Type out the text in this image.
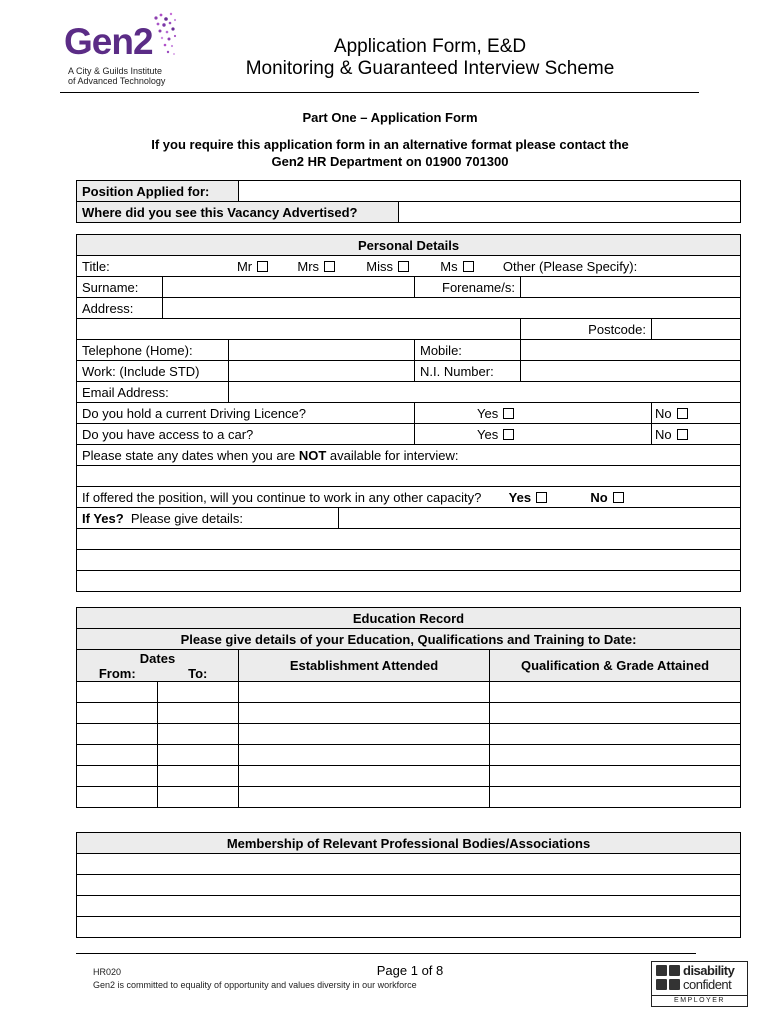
Gen2
A City & Guilds Institute
of Advanced Technology
Application Form, E&D
Monitoring & Guaranteed Interview Scheme
Part One – Application Form
If you require this application form in an alternative format please contact the
Gen2 HR Department on 01900 701300
Position Applied for:		
Where did you see this Vacancy Advertised?		
Personal Details						
Title: Mr Mrs Miss Ms Other (Please Specify):						
Surname:				Forename/s:		
Address:						
					Postcode:	
Telephone (Home):				Mobile:		
Work: (Include STD)				N.I. Number:		
Email Address:						
Do you hold a current Driving Licence?				Yes		No
Do you have access to a car?				Yes		No
Please state any dates when you are NOT available for interview:						

If offered the position, will you continue to work in any other capacity? Yes No						
If Yes? Please give details:						

Education Record			
Please give details of your Education, Qualifications and Training to Date:			

Dates
From: To:		Establishment Attended	Qualification & Grade Attained

Membership of Relevant Professional Bodies/Associations

HR020	Page 1 of 8
Gen2 is committed to equality of opportunity and values diversity in our workforce
disability
confident
EMPLOYER
